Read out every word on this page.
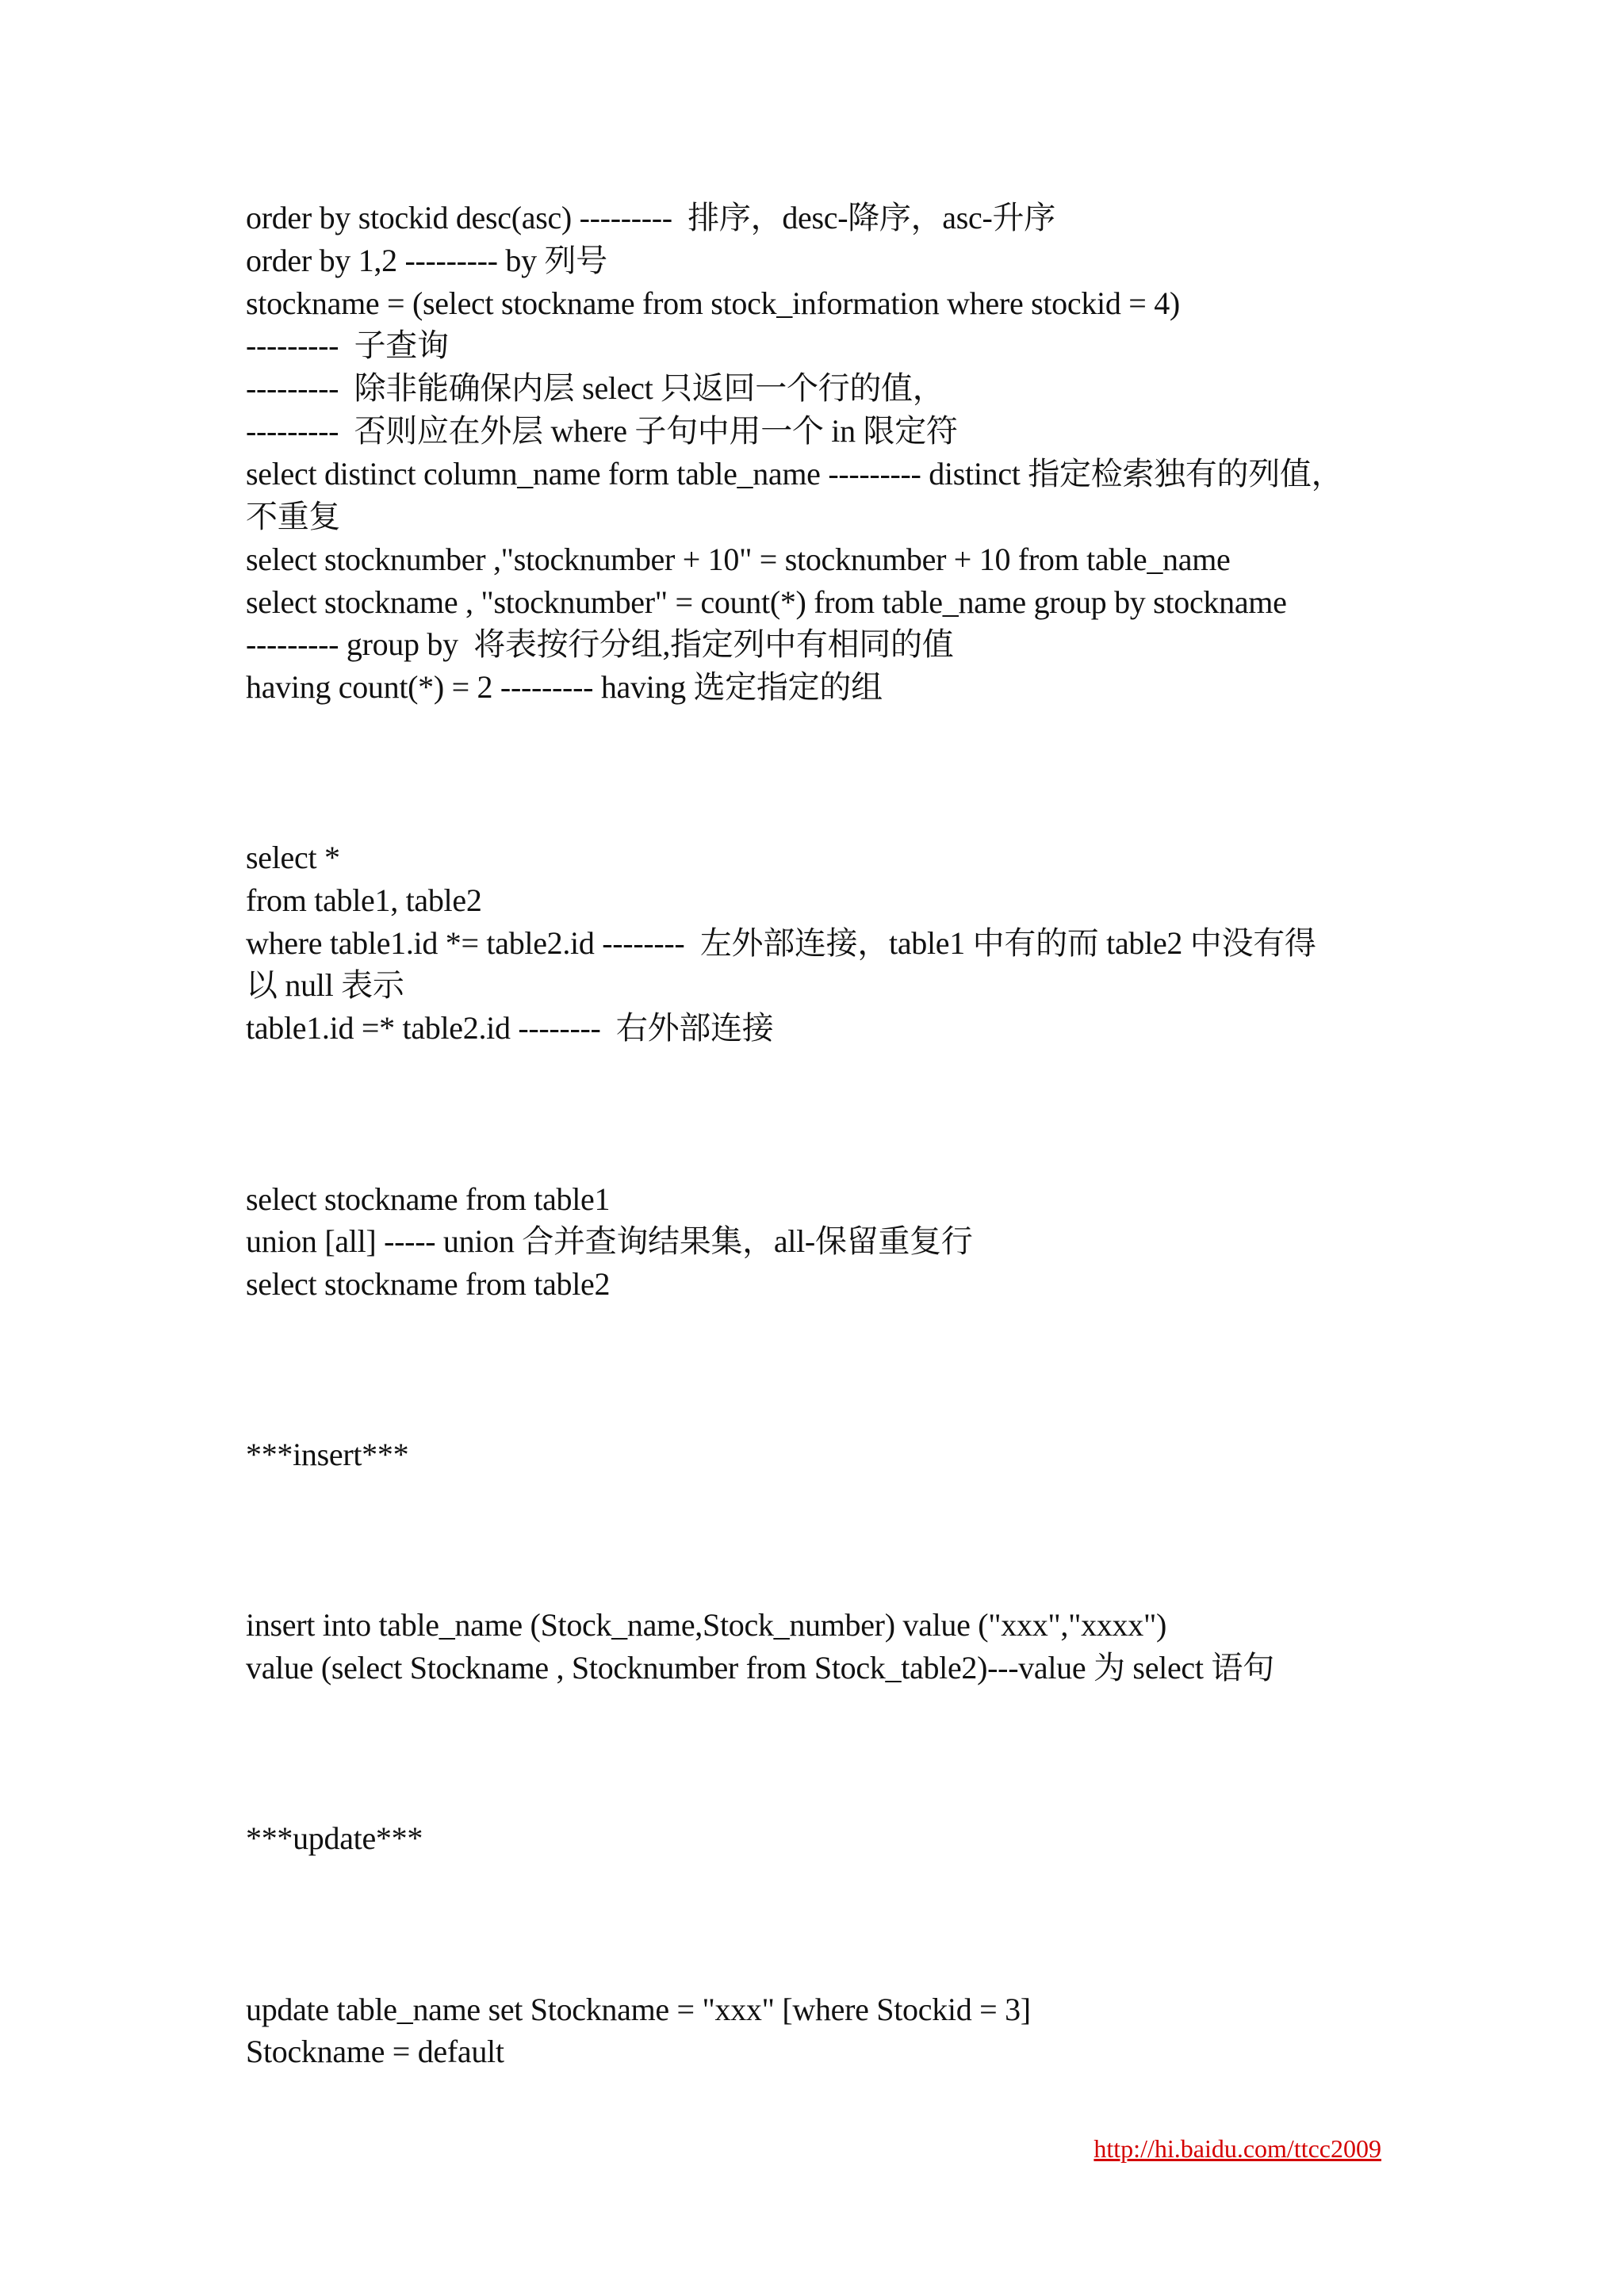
order by stockid desc(asc) ---------  排序，desc-降序，asc-升序
order by 1,2 --------- by 列号
stockname = (select stockname from stock_information where stockid = 4)
---------  子查询
---------  除非能确保内层 select 只返回一个行的值，
---------  否则应在外层 where 子句中用一个 in 限定符
select distinct column_name form table_name --------- distinct 指定检索独有的列值，
不重复
select stocknumber ,"stocknumber + 10" = stocknumber + 10 from table_name
select stockname , "stocknumber" = count(*) from table_name group by stockname
--------- group by  将表按行分组,指定列中有相同的值
having count(*) = 2 --------- having 选定指定的组
select *
from table1, table2
where table1.id *= table2.id --------  左外部连接，table1 中有的而 table2 中没有得
以 null 表示
table1.id =* table2.id --------  右外部连接
select stockname from table1
union [all] ----- union 合并查询结果集，all-保留重复行
select stockname from table2
***insert***
insert into table_name (Stock_name,Stock_number) value ("xxx","xxxx")
value (select Stockname , Stocknumber from Stock_table2)---value 为 select 语句
***update***
update table_name set Stockname = "xxx" [where Stockid = 3]
Stockname = default
http://hi.baidu.com/ttcc2009
